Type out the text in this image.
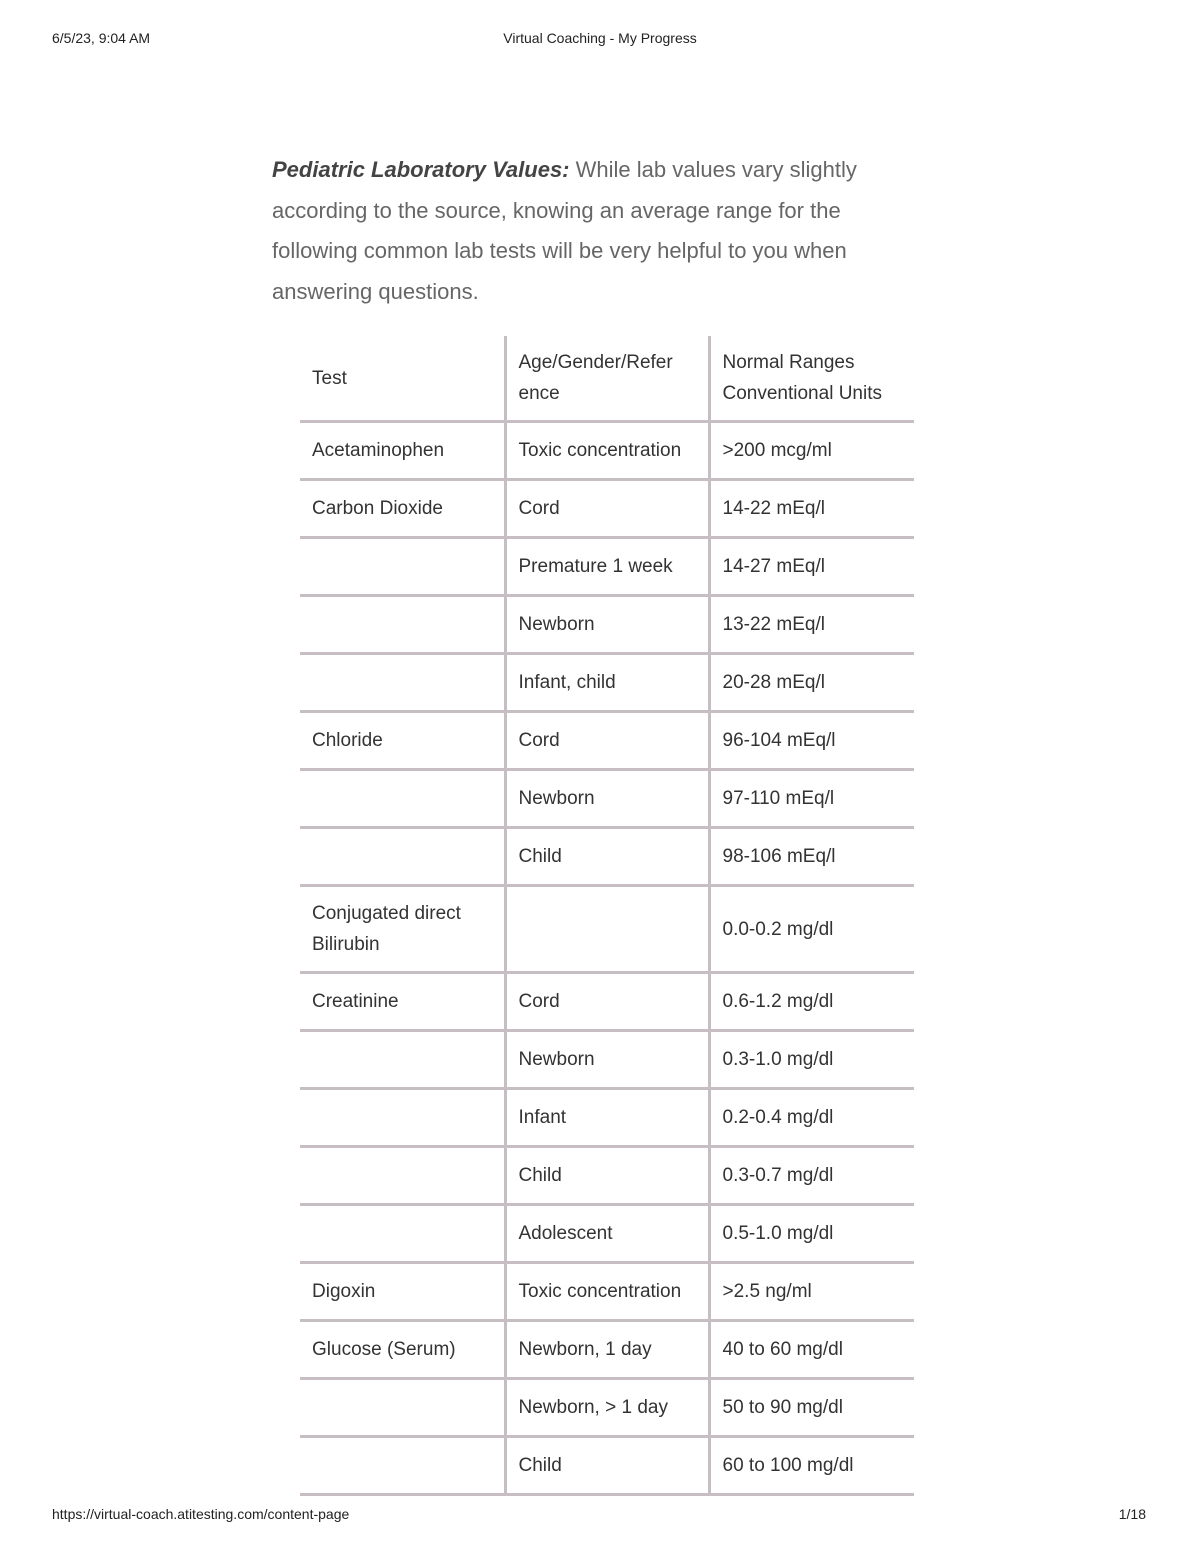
6/5/23, 9:04 AM	Virtual Coaching - My Progress

Pediatric Laboratory Values: While lab values vary slightly according to the source, knowing an average range for the following common lab tests will be very helpful to you when answering questions.

Test	Age/Gender/Refer ence	Normal Ranges Conventional Units
Acetaminophen	Toxic concentration	>200 mcg/ml
Carbon Dioxide	Cord	14-22 mEq/l
	Premature 1 week	14-27 mEq/l
	Newborn	13-22 mEq/l
	Infant, child	20-28 mEq/l
Chloride	Cord	96-104 mEq/l
	Newborn	97-110 mEq/l
	Child	98-106 mEq/l
Conjugated direct Bilirubin		0.0-0.2 mg/dl
Creatinine	Cord	0.6-1.2 mg/dl
	Newborn	0.3-1.0 mg/dl
	Infant	0.2-0.4 mg/dl
	Child	0.3-0.7 mg/dl
	Adolescent	0.5-1.0 mg/dl
Digoxin	Toxic concentration	>2.5 ng/ml
Glucose (Serum)	Newborn, 1 day	40 to 60 mg/dl
	Newborn, > 1 day	50 to 90 mg/dl
	Child	60 to 100 mg/dl
https://virtual-coach.atitesting.com/content-page	1/18
